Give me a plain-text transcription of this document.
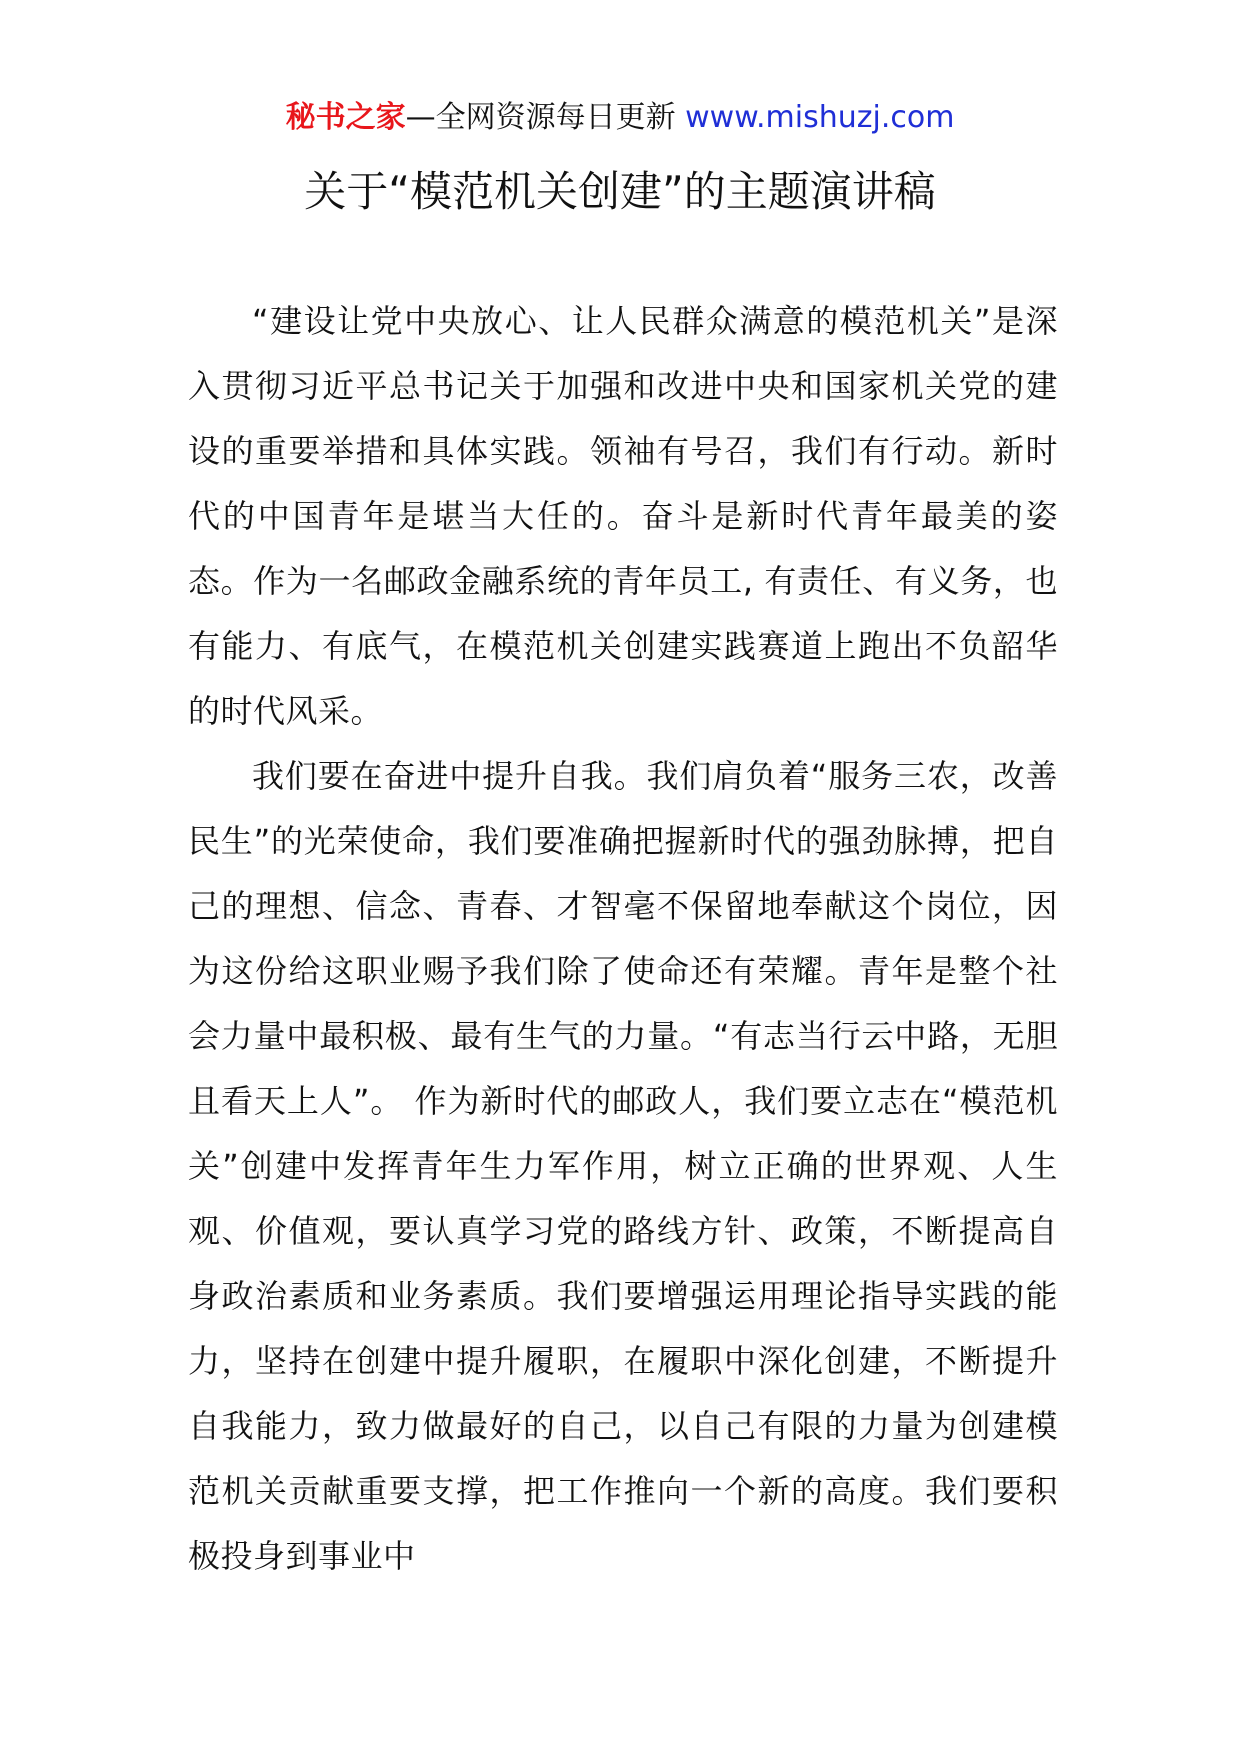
秘书之家—全网资源每日更新 www.mishuzj.com
关于“模范机关创建”的主题演讲稿

“建设让党中央放心、让人民群众满意的模范机关”是深入贯彻习近平总书记关于加强和改进中央和国家机关党的建设的重要举措和具体实践。领袖有号召，我们有行动。新时代的中国青年是堪当大任的。奋斗是新时代青年最美的姿态。作为一名邮政金融系统的青年员工, 有责任、有义务，也有能力、有底气，在模范机关创建实践赛道上跑出不负韶华的时代风采。

我们要在奋进中提升自我。我们肩负着“服务三农，改善民生”的光荣使命，我们要准确把握新时代的强劲脉搏，把自己的理想、信念、青春、才智毫不保留地奉献这个岗位，因为这份给这职业赐予我们除了使命还有荣耀。青年是整个社会力量中最积极、最有生气的力量。“有志当行云中路，无胆且看天上人”。 作为新时代的邮政人，我们要立志在“模范机关”创建中发挥青年生力军作用，树立正确的世界观、人生观、价值观，要认真学习党的路线方针、政策，不断提高自身政治素质和业务素质。我们要增强运用理论指导实践的能力，坚持在创建中提升履职，在履职中深化创建，不断提升自我能力，致力做最好的自己，以自己有限的力量为创建模范机关贡献重要支撑，把工作推向一个新的高度。我们要积极投身到事业中
